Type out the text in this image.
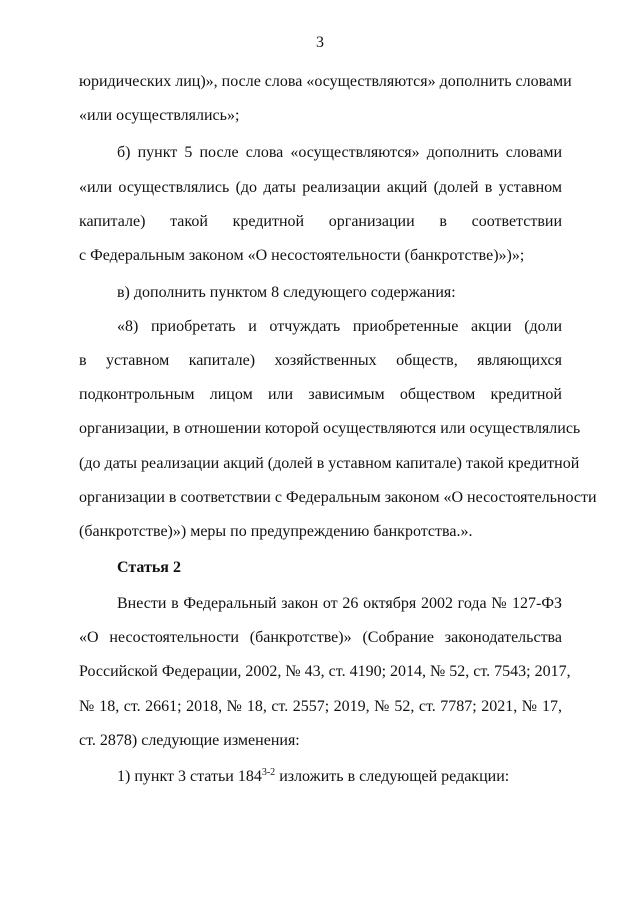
3
юридических лиц)», после слова «осуществляются» дополнить словами
«или осуществлялись»;
б) пункт 5 после слова «осуществляются» дополнить словами
«или осуществлялись (до даты реализации акций (долей в уставном
капитале) такой кредитной организации в соответствии
с Федеральным законом «О несостоятельности (банкротстве)»)»;
в) дополнить пунктом 8 следующего содержания:
«8) приобретать и отчуждать приобретенные акции (доли
в уставном капитале) хозяйственных обществ, являющихся
подконтрольным лицом или зависимым обществом кредитной
организации, в отношении которой осуществляются или осуществлялись
(до даты реализации акций (долей в уставном капитале) такой кредитной
организации в соответствии с Федеральным законом «О несостоятельности
(банкротстве)») меры по предупреждению банкротства.».
Статья 2
Внести в Федеральный закон от 26 октября 2002 года № 127-ФЗ
«О несостоятельности (банкротстве)» (Собрание законодательства
Российской Федерации, 2002, № 43, ст. 4190; 2014, № 52, ст. 7543; 2017,
№ 18, ст. 2661; 2018, № 18, ст. 2557; 2019, № 52, ст. 7787; 2021, № 17,
ст. 2878) следующие изменения:
1) пункт 3 статьи 184$^{3-2}$ изложить в следующей редакции:
